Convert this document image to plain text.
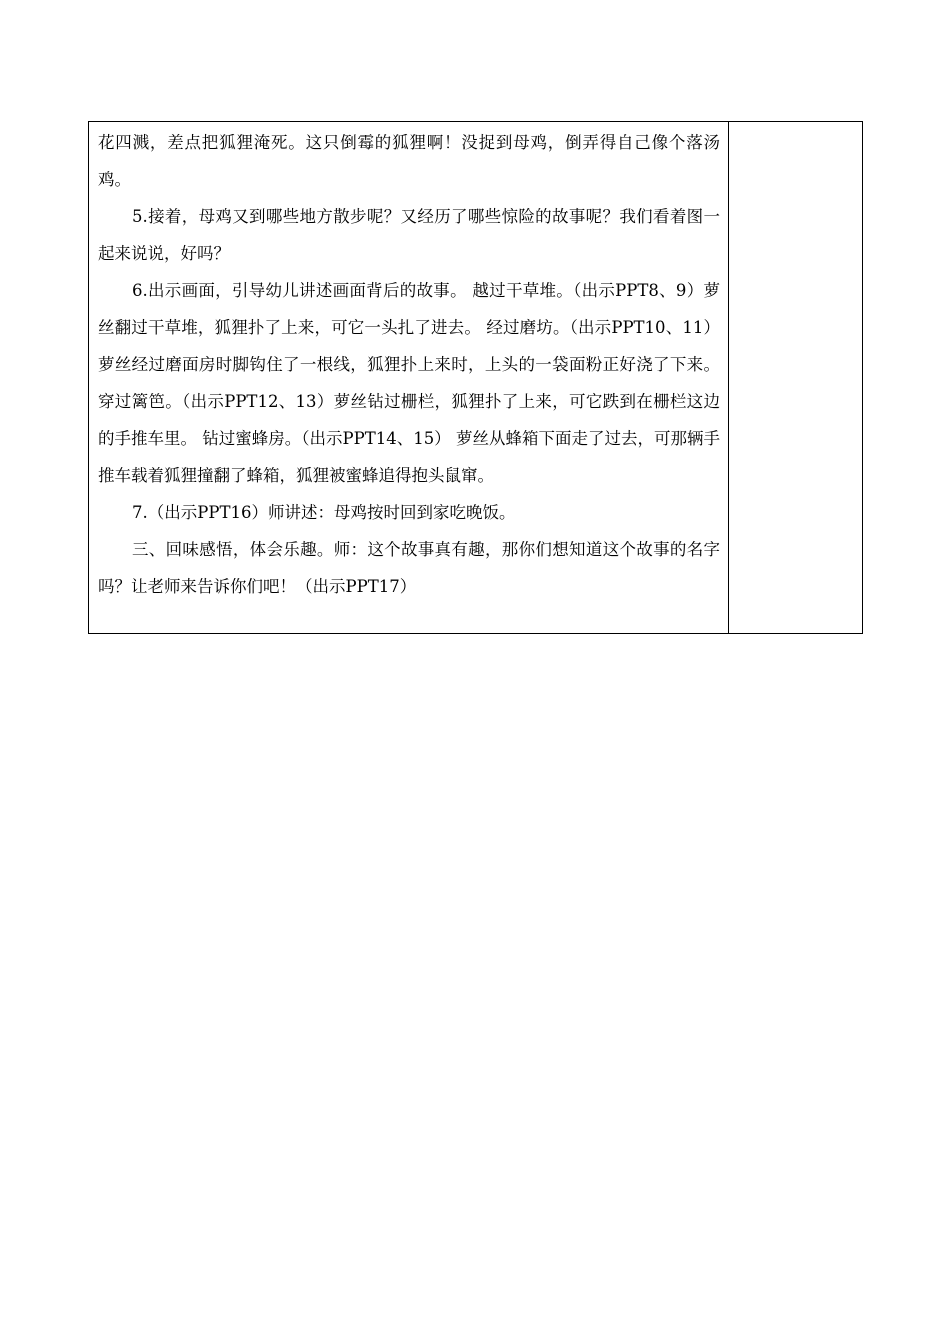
花四溅，差点把狐狸淹死。这只倒霉的狐狸啊！没捉到母鸡，倒弄得自己像个落汤鸡。

5.接着，母鸡又到哪些地方散步呢？又经历了哪些惊险的故事呢？我们看着图一起来说说，好吗？

6.出示画面，引导幼儿讲述画面背后的故事。 越过干草堆。（出示PPT8、9）萝丝翻过干草堆，狐狸扑了上来，可它一头扎了进去。 经过磨坊。（出示PPT10、11）萝丝经过磨面房时脚钩住了一根线，狐狸扑上来时，上头的一袋面粉正好浇了下来。 穿过篱笆。（出示PPT12、13）萝丝钻过栅栏，狐狸扑了上来，可它跌到在栅栏这边的手推车里。 钻过蜜蜂房。（出示PPT14、15） 萝丝从蜂箱下面走了过去，可那辆手推车载着狐狸撞翻了蜂箱，狐狸被蜜蜂追得抱头鼠窜。

7.（出示PPT16）师讲述：母鸡按时回到家吃晚饭。

三、回味感悟，体会乐趣。师：这个故事真有趣，那你们想知道这个故事的名字吗？让老师来告诉你们吧！（出示PPT17）
